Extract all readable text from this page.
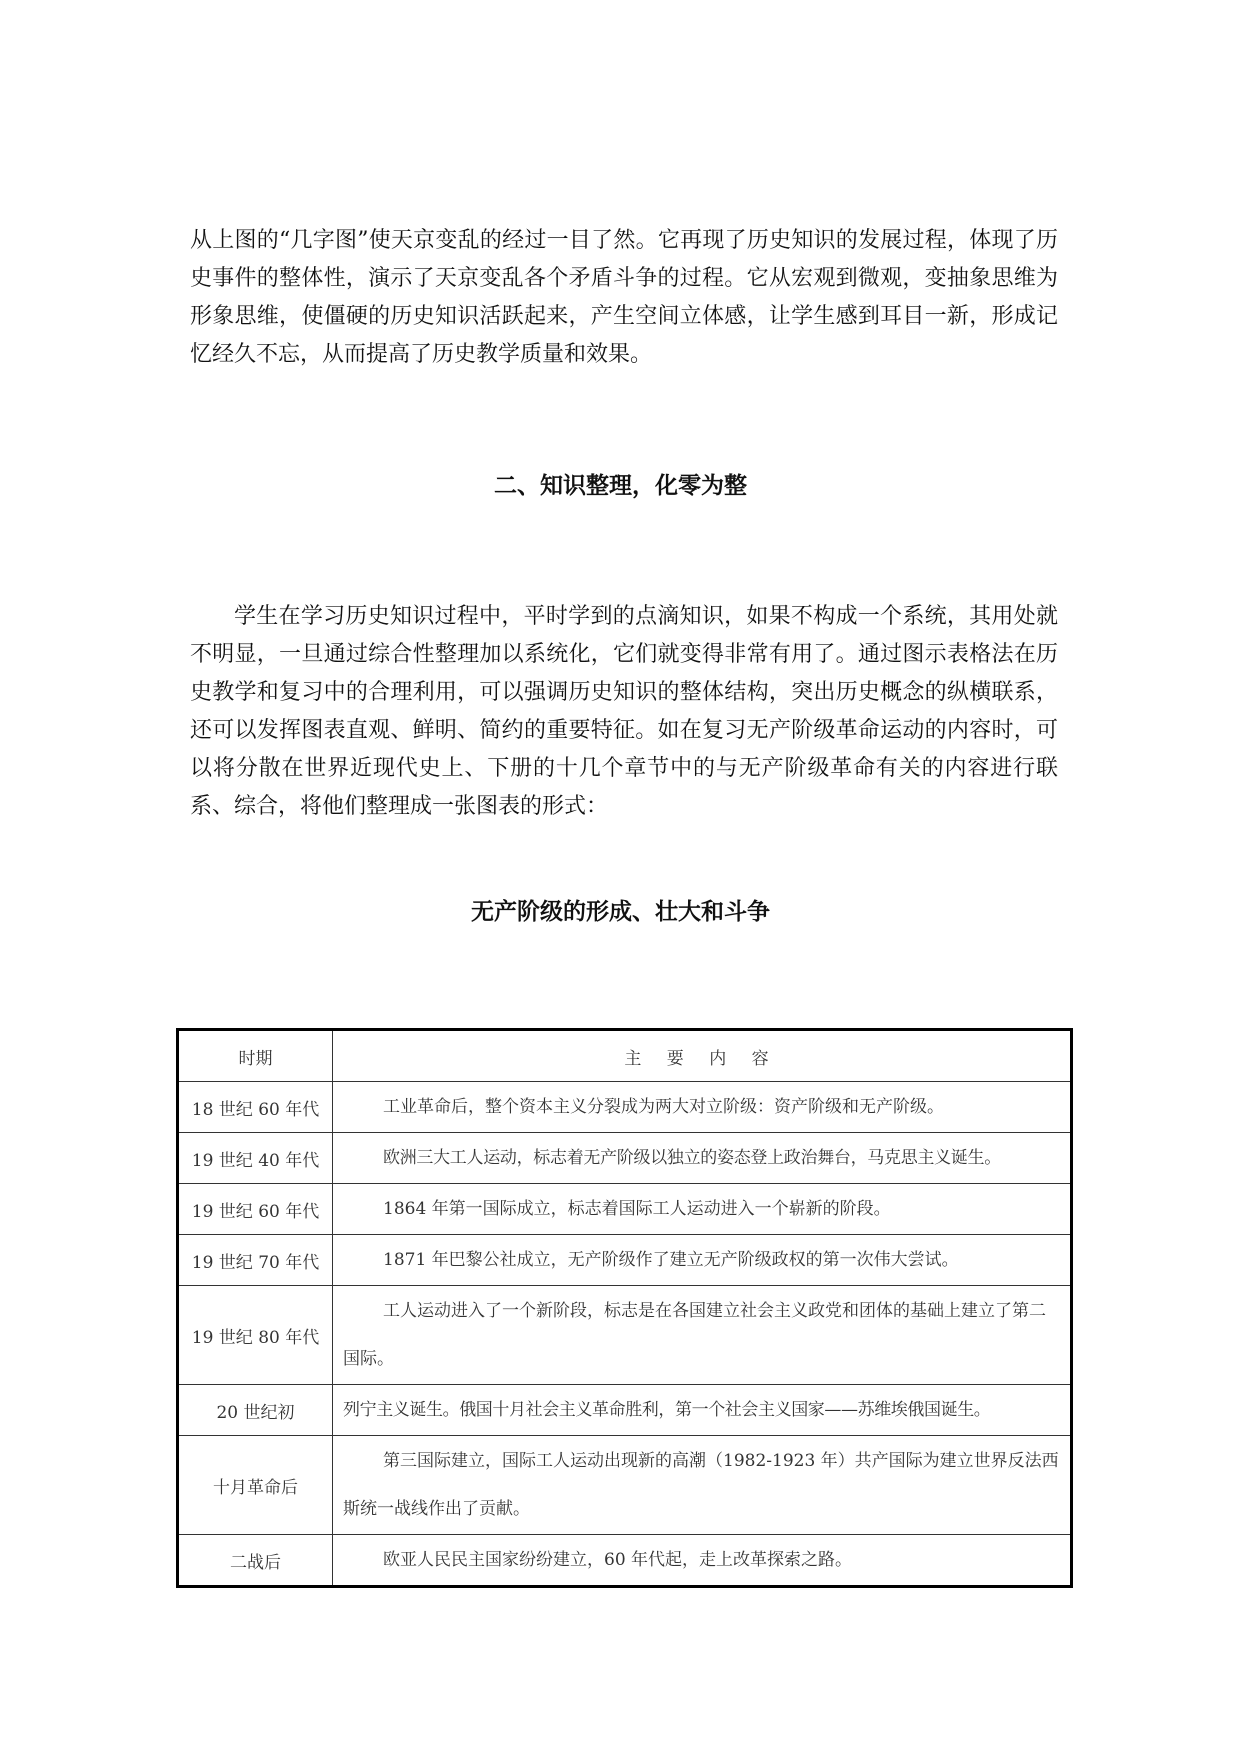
从上图的“几字图”使天京变乱的经过一目了然。它再现了历史知识的发展过程，体现了历史事件的整体性，演示了天京变乱各个矛盾斗争的过程。它从宏观到微观，变抽象思维为形象思维，使僵硬的历史知识活跃起来，产生空间立体感，让学生感到耳目一新，形成记忆经久不忘，从而提高了历史教学质量和效果。

二、知识整理，化零为整

学生在学习历史知识过程中，平时学到的点滴知识，如果不构成一个系统，其用处就不明显，一旦通过综合性整理加以系统化，它们就变得非常有用了。通过图示表格法在历史教学和复习中的合理利用，可以强调历史知识的整体结构，突出历史概念的纵横联系，还可以发挥图表直观、鲜明、简约的重要特征。如在复习无产阶级革命运动的内容时，可以将分散在世界近现代史上、下册的十几个章节中的与无产阶级革命有关的内容进行联系、综合，将他们整理成一张图表的形式：

无产阶级的形成、壮大和斗争
时期	主 要 内 容
18 世纪 60 年代	工业革命后，整个资本主义分裂成为两大对立阶级：资产阶级和无产阶级。

19 世纪 40 年代	欧洲三大工人运动，标志着无产阶级以独立的姿态登上政治舞台，马克思主义诞生。

19 世纪 60 年代	1864 年第一国际成立，标志着国际工人运动进入一个崭新的阶段。

19 世纪 70 年代	1871 年巴黎公社成立，无产阶级作了建立无产阶级政权的第一次伟大尝试。

19 世纪 80 年代	工人运动进入了一个新阶段，标志是在各国建立社会主义政党和团体的基础上建立了第二国际。

20 世纪初	列宁主义诞生。俄国十月社会主义革命胜利，第一个社会主义国家——苏维埃俄国诞生。

十月革命后	第三国际建立，国际工人运动出现新的高潮（1982-1923 年）共产国际为建立世界反法西斯统一战线作出了贡献。

二战后	欧亚人民民主国家纷纷建立，60 年代起，走上改革探索之路。
